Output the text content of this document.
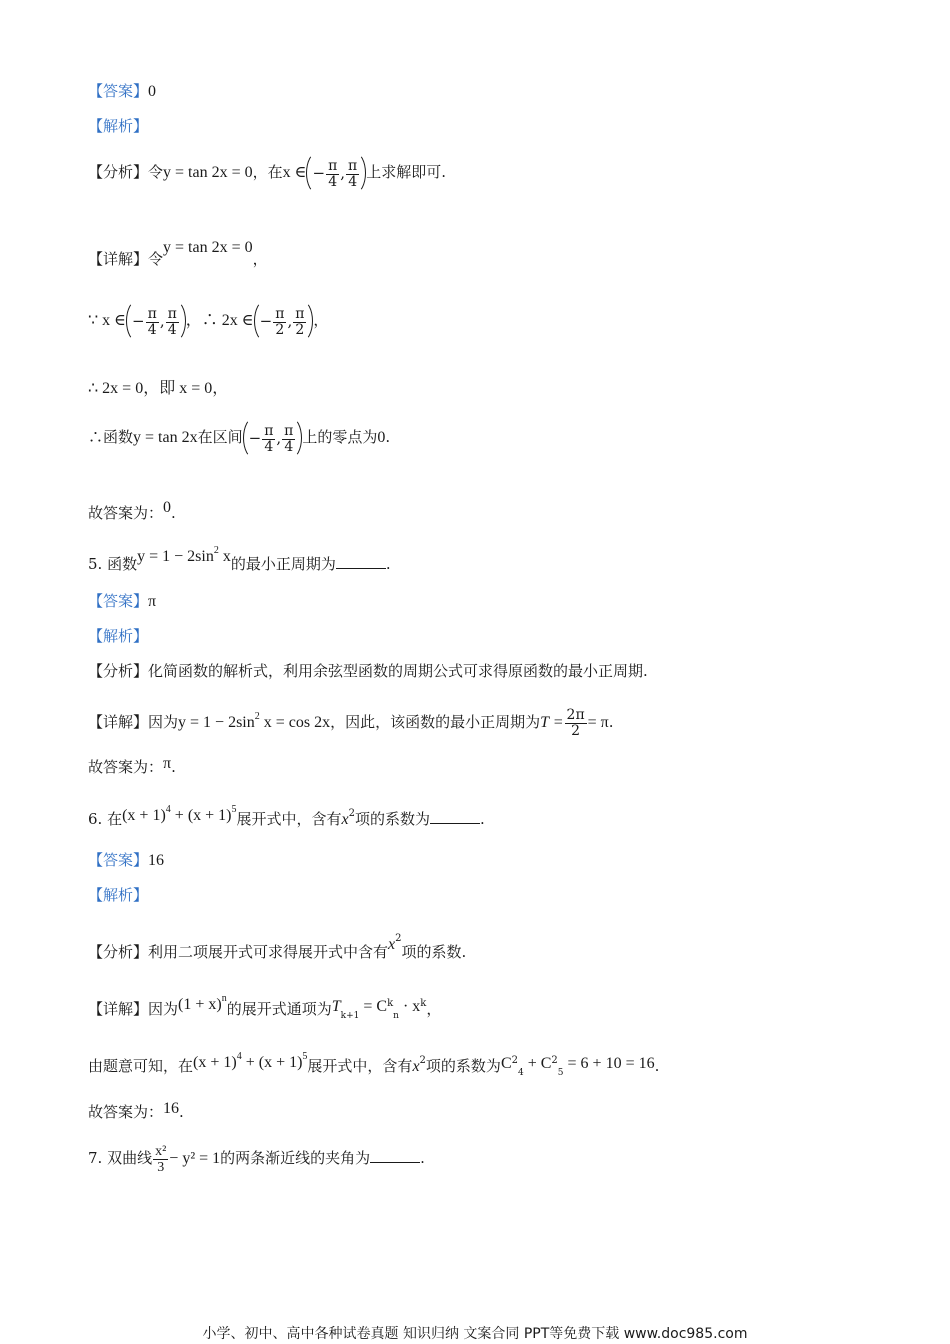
【答案】0
【解析】
【分析】令y = tan 2x = 0，在x ∈ − $\frac{\pi}{4}$ , $\frac{\pi}{4}$ 上求解即可.
【详解】令y = tan 2x = 0，
∵ x ∈ − $\frac{\pi}{4}$ , $\frac{\pi}{4}$ ，∴ 2x ∈ − $\frac{\pi}{2}$ , $\frac{\pi}{2}$ ，
∴ 2x = 0，即 x = 0，
∴函数y = tan 2x在区间 − $\frac{\pi}{4}$ , $\frac{\pi}{4}$ 上的零点为0.
故答案为：0.
5. 函数$y = 1 - 2\sin^2$ x的最小正周期为	.
【答案】π
【解析】
【分析】化简函数的解析式，利用余弦型函数的周期公式可求得原函数的最小正周期.
【详解】因为$y = 1 - 2\sin^2$ x = cos 2x，因此，该函数的最小正周期为$T = \frac{2\pi}{2} = \pi$.
故答案为：π.
6. 在$(x + 1)^4 + (x + 1)^5$展开式中，含有$x^2$项的系数为	.
【答案】16
【解析】
【分析】利用二项展开式可求得展开式中含有$x^2$项的系数.
【详解】因为$(1 + x)^n$的展开式通项为$T_{k+1} = C^k_n \cdot x^k$，
由题意可知，在$(x + 1)^4 + (x + 1)^5$展开式中，含有$x^2$项的系数为$C^2_4 + C^2_5 = 6 + 10 = 16$.
故答案为：16.
7. 双曲线 $\frac{\text{x²}}{3} - y^2 = 1$的两条渐近线的夹角为	.
小学、初中、高中各种试卷真题 知识归纳 文案合同 PPT等免费下载 www.doc985.com
